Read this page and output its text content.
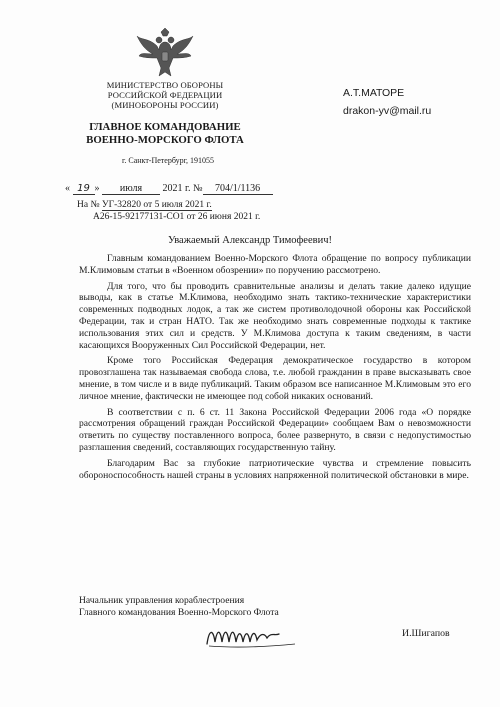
МИНИСТЕРСТВО ОБОРОНЫ
РОССИЙСКОЙ ФЕДЕРАЦИИ
(МИНОБОРОНЫ РОССИИ)
ГЛАВНОЕ КОМАНДОВАНИЕ
ВОЕННО-МОРСКОГО ФЛОТА
г. Санкт-Петербург, 191055
А.Т.МАТОРЕ
drakon-yv@mail.ru
« 19 » июля 2021 г. № 704/1/1136
На № УГ-32820 от 5 июля 2021 г.
А26-15-92177131-СО1 от 26 июня 2021 г.
Уважаемый Александр Тимофеевич!

Главным командованием Военно-Морского Флота обращение по вопросу публикации М.Климовым статьи в «Военном обозрении» по поручению рассмотрено.

Для того, что бы проводить сравнительные анализы и делать такие далеко идущие выводы, как в статье М.Климова, необходимо знать тактико-технические характеристики современных подводных лодок, а так же систем противолодочной обороны как Российской Федерации, так и стран НАТО. Так же необходимо знать современные подходы к тактике использования этих сил и средств. У М.Климова доступа к таким сведениям, в части касающихся Вооруженных Сил Российской Федерации, нет.

Кроме того Российская Федерация демократическое государство в котором провозглашена так называемая свобода слова, т.е. любой гражданин в праве высказывать свое мнение, в том числе и в виде публикаций. Таким образом все написанное М.Климовым это его личное мнение, фактически не имеющее под собой никаких оснований.

В соответствии с п. 6 ст. 11 Закона Российской Федерации 2006 года «О порядке рассмотрения обращений граждан Российской Федерации» сообщаем Вам о невозможности ответить по существу поставленного вопроса, более развернуто, в связи с недопустимостью разглашения сведений, составляющих государственную тайну.

Благодарим Вас за глубокие патриотические чувства и стремление повысить обороноспособность нашей страны в условиях напряженной политической обстановки в мире.

Начальник управления кораблестроения
Главного командования Военно-Морского Флота
И.Шигапов
